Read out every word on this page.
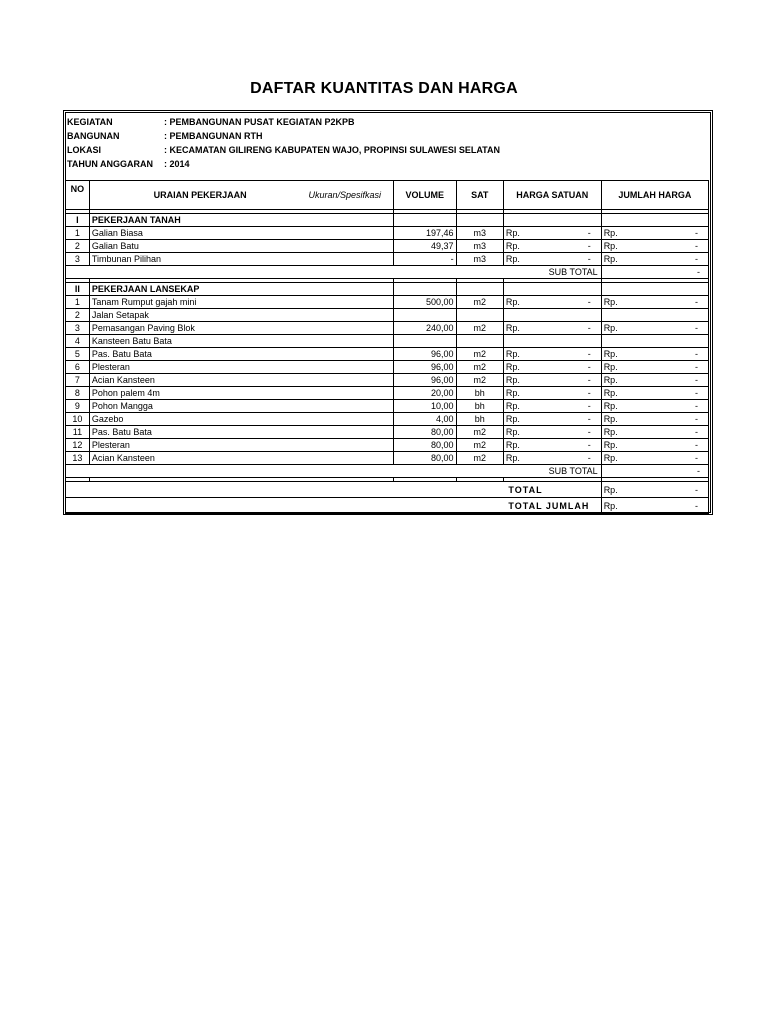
DAFTAR KUANTITAS DAN HARGA
KEGIATAN	: PEMBANGUNAN PUSAT KEGIATAN P2KPB
BANGUNAN	: PEMBANGUNAN RTH
LOKASI	: KECAMATAN GILIRENG KABUPATEN WAJO, PROPINSI SULAWESI SELATAN
TAHUN ANGGARAN : 2014
NO	URAIAN PEKERJAAN Ukuran/Spesifkasi	VOLUME	SAT	HARGA SATUAN	JUMLAH HARGA

I	PEKERJAAN TANAH				
1	Galian Biasa	197,46	m3	Rp. -	Rp. -

2	Galian Batu	49,37	m3	Rp. -	Rp. -

3	Timbunan Pilihan	-	m3	Rp. -	Rp. -

	SUB TOTAL				-

II	PEKERJAAN LANSEKAP				
1	Tanam Rumput gajah mini	500,00	m2	Rp. -	Rp. -

2	Jalan Setapak				
3	Pemasangan Paving Blok	240,00	m2	Rp. -	Rp. -

4	Kansteen Batu Bata				
5	Pas. Batu Bata	96,00	m2	Rp. -	Rp. -

6	Plesteran	96,00	m2	Rp. -	Rp. -

7	Acian Kansteen	96,00	m2	Rp. -	Rp. -

8	Pohon palem 4m	20,00	bh	Rp. -	Rp. -

9	Pohon Mangga	10,00	bh	Rp. -	Rp. -

10	Gazebo	4,00	bh	Rp. -	Rp. -

11	Pas. Batu Bata	80,00	m2	Rp. -	Rp. -

12	Plesteran	80,00	m2	Rp. -	Rp. -

13	Acian Kansteen	80,00	m2	Rp. -	Rp. -

	SUB TOTAL				-

				TOTAL	Rp. -

				TOTAL JUMLAH	Rp. -
